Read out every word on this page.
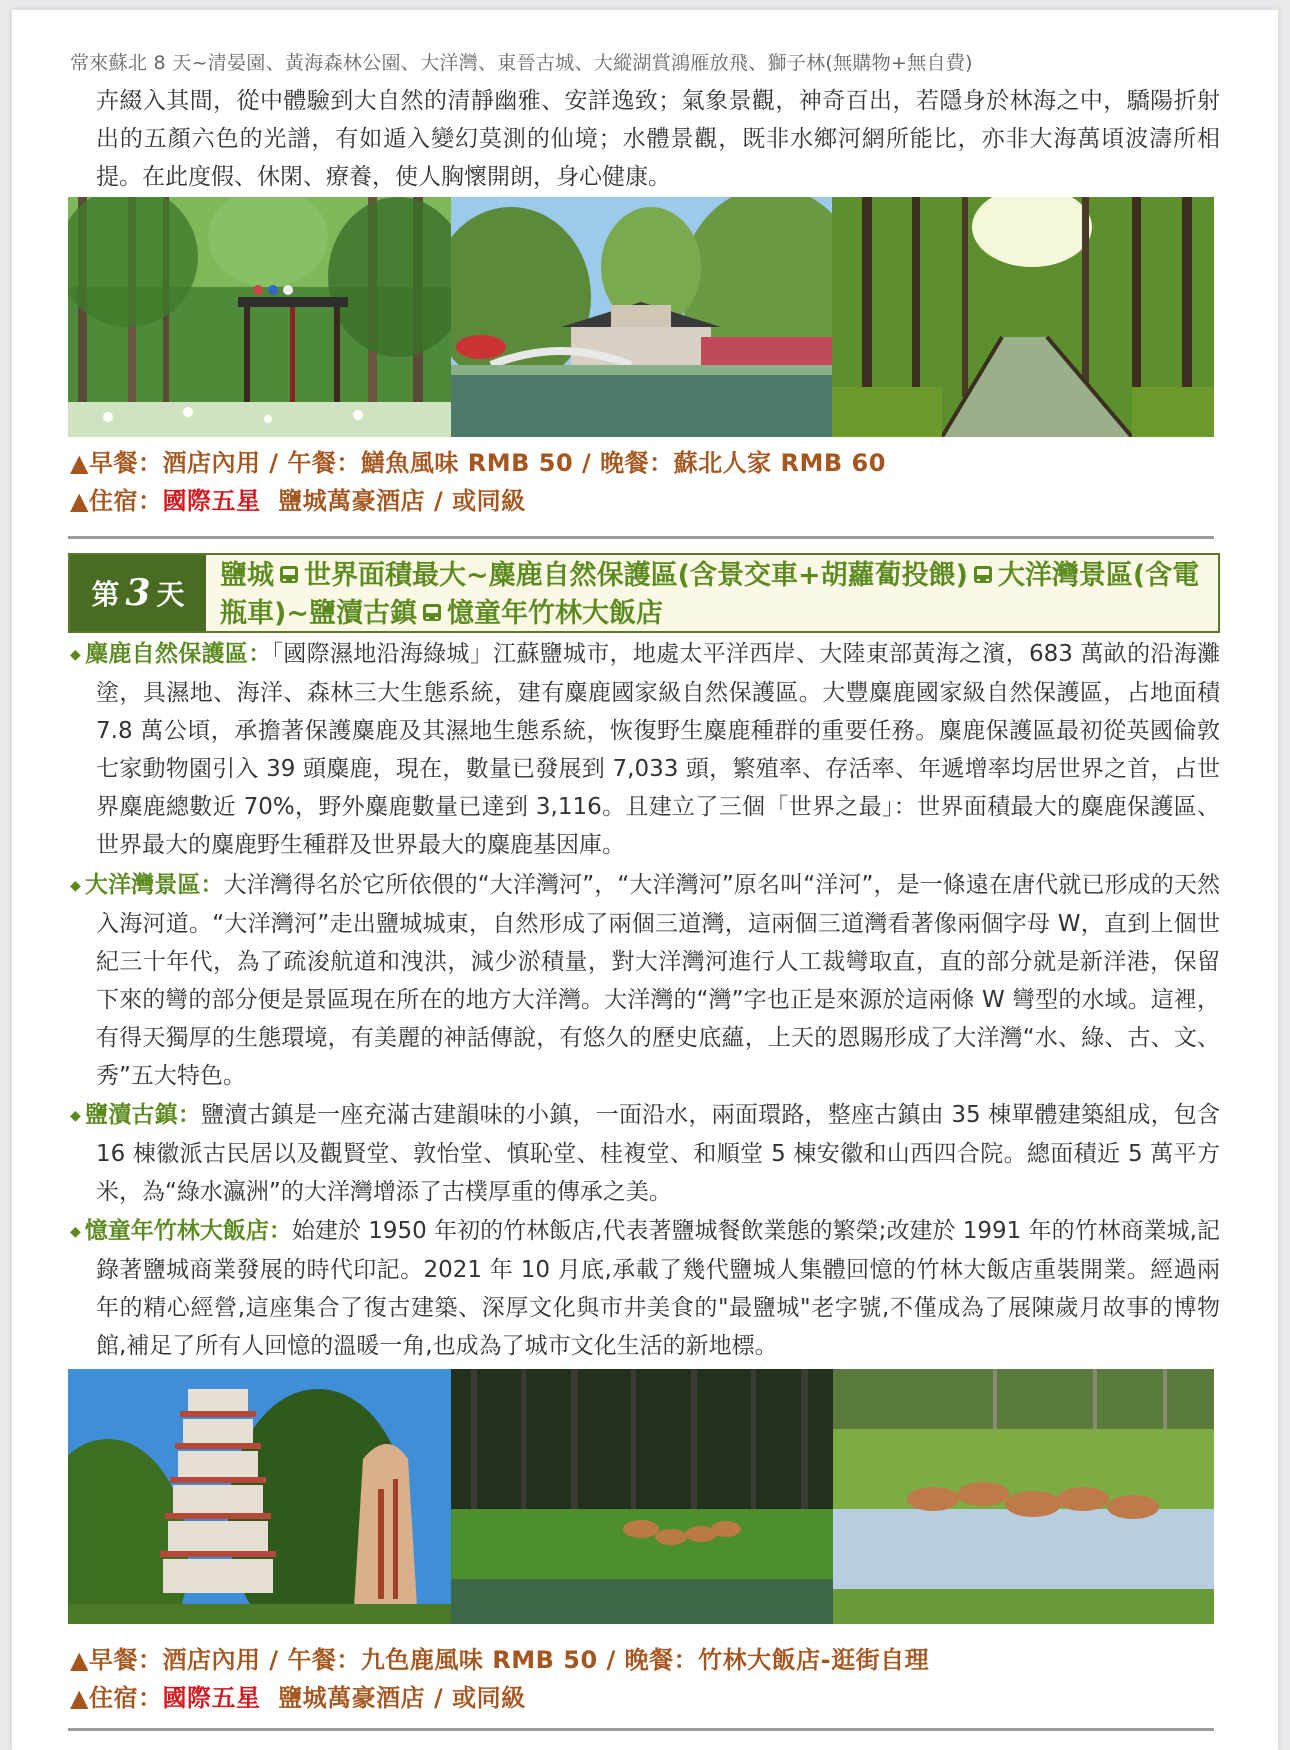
常來蘇北 8 天~清晏園、黃海森林公園、大洋灣、東晉古城、大縱湖賞鴻雁放飛、獅子林(無購物+無自費)
卉綴入其間，從中體驗到大自然的清靜幽雅、安詳逸致；氣象景觀，神奇百出，若隱身於林海之中，驕陽折射出的五顏六色的光譜，有如遁入變幻莫測的仙境；水體景觀，既非水鄉河網所能比，亦非大海萬頃波濤所相提。在此度假、休閑、療養，使人胸懷開朗，身心健康。
▲早餐：酒店內用 / 午餐：鱔魚風味 RMB 50 / 晚餐：蘇北人家 RMB 60
▲住宿：國際五星 鹽城萬豪酒店 / 或同級
第 3 天
鹽城 世界面積最大~麋鹿自然保護區(含景交車+胡蘿蔔投餵) 大洋灣景區(含電瓶車)~鹽瀆古鎮 憶童年竹林大飯店
◆ 麋鹿自然保護區：「國際濕地沿海綠城」江蘇鹽城市，地處太平洋西岸、大陸東部黃海之濱，683 萬畝的沿海灘塗，具濕地、海洋、森林三大生態系統，建有麋鹿國家級自然保護區。大豐麋鹿國家級自然保護區，占地面積 7.8 萬公頃，承擔著保護麋鹿及其濕地生態系統，恢復野生麋鹿種群的重要任務。麋鹿保護區最初從英國倫敦七家動物園引入 39 頭麋鹿，現在，數量已發展到 7,033 頭，繁殖率、存活率、年遞增率均居世界之首，占世界麋鹿總數近 70%，野外麋鹿數量已達到 3,116。且建立了三個「世界之最」：世界面積最大的麋鹿保護區、世界最大的麋鹿野生種群及世界最大的麋鹿基因庫。
◆ 大洋灣景區：大洋灣得名於它所依偎的“大洋灣河”，“大洋灣河”原名叫“洋河”，是一條遠在唐代就已形成的天然入海河道。“大洋灣河”走出鹽城城東，自然形成了兩個三道灣，這兩個三道灣看著像兩個字母 W，直到上個世紀三十年代，為了疏浚航道和洩洪，減少淤積量，對大洋灣河進行人工裁彎取直，直的部分就是新洋港，保留下來的彎的部分便是景區現在所在的地方大洋灣。大洋灣的“灣”字也正是來源於這兩條 W 彎型的水域。這裡，有得天獨厚的生態環境，有美麗的神話傳說，有悠久的歷史底蘊，上天的恩賜形成了大洋灣“水、綠、古、文、秀”五大特色。
◆ 鹽瀆古鎮：鹽瀆古鎮是一座充滿古建韻味的小鎮，一面沿水，兩面環路，整座古鎮由 35 棟單體建築組成，包含 16 棟徽派古民居以及觀賢堂、敦怡堂、慎恥堂、桂複堂、和順堂 5 棟安徽和山西四合院。總面積近 5 萬平方米，為“綠水瀛洲”的大洋灣增添了古樸厚重的傳承之美。
◆ 憶童年竹林大飯店：始建於 1950 年初的竹林飯店,代表著鹽城餐飲業態的繁榮;改建於 1991 年的竹林商業城,記錄著鹽城商業發展的時代印記。2021 年 10 月底,承載了幾代鹽城人集體回憶的竹林大飯店重裝開業。經過兩年的精心經營,這座集合了復古建築、深厚文化與市井美食的"最鹽城"老字號,不僅成為了展陳歲月故事的博物館,補足了所有人回憶的溫暖一角,也成為了城市文化生活的新地標。
▲早餐：酒店內用 / 午餐：九色鹿風味 RMB 50 / 晚餐：竹林大飯店-逛街自理
▲住宿：國際五星 鹽城萬豪酒店 / 或同級
